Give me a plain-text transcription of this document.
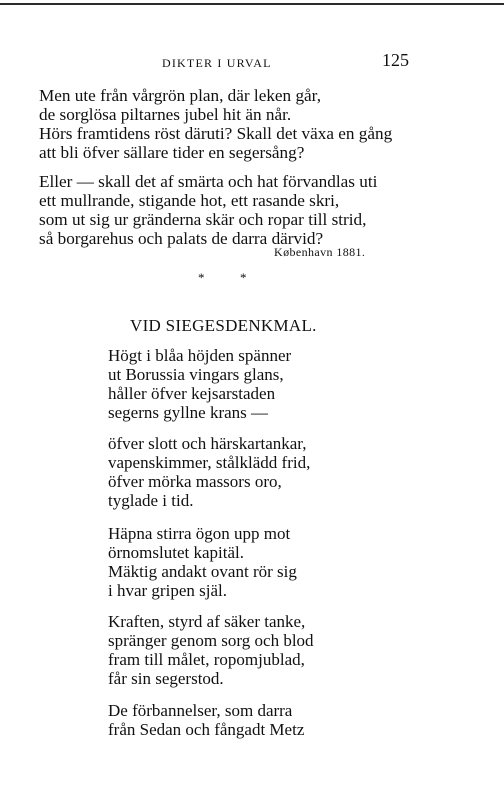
DIKTER I URVAL	125
Men ute från vårgrön plan, där leken går,
de sorglösa piltarnes jubel hit än når.
Hörs framtidens röst däruti? Skall det växa en gång
att bli öfver sällare tider en segersång?
Eller — skall det af smärta och hat förvandlas uti
ett mullrande, stigande hot, ett rasande skri,
som ut sig ur gränderna skär och ropar till strid,
så borgarehus och palats de darra därvid?
København 1881.
*	*
VID SIEGESDENKMAL.
Högt i blåa höjden spänner
ut Borussia vingars glans,
håller öfver kejsarstaden
segerns gyllne krans —
öfver slott och härskartankar,
vapenskimmer, stålklädd frid,
öfver mörka massors oro,
tyglade i tid.
Häpna stirra ögon upp mot
örnomslutet kapitäl.
Mäktig andakt ovant rör sig
i hvar gripen själ.
Kraften, styrd af säker tanke,
spränger genom sorg och blod
fram till målet, ropomjublad,
får sin segerstod.
De förbannelser, som darra
från Sedan och fångadt Metz
